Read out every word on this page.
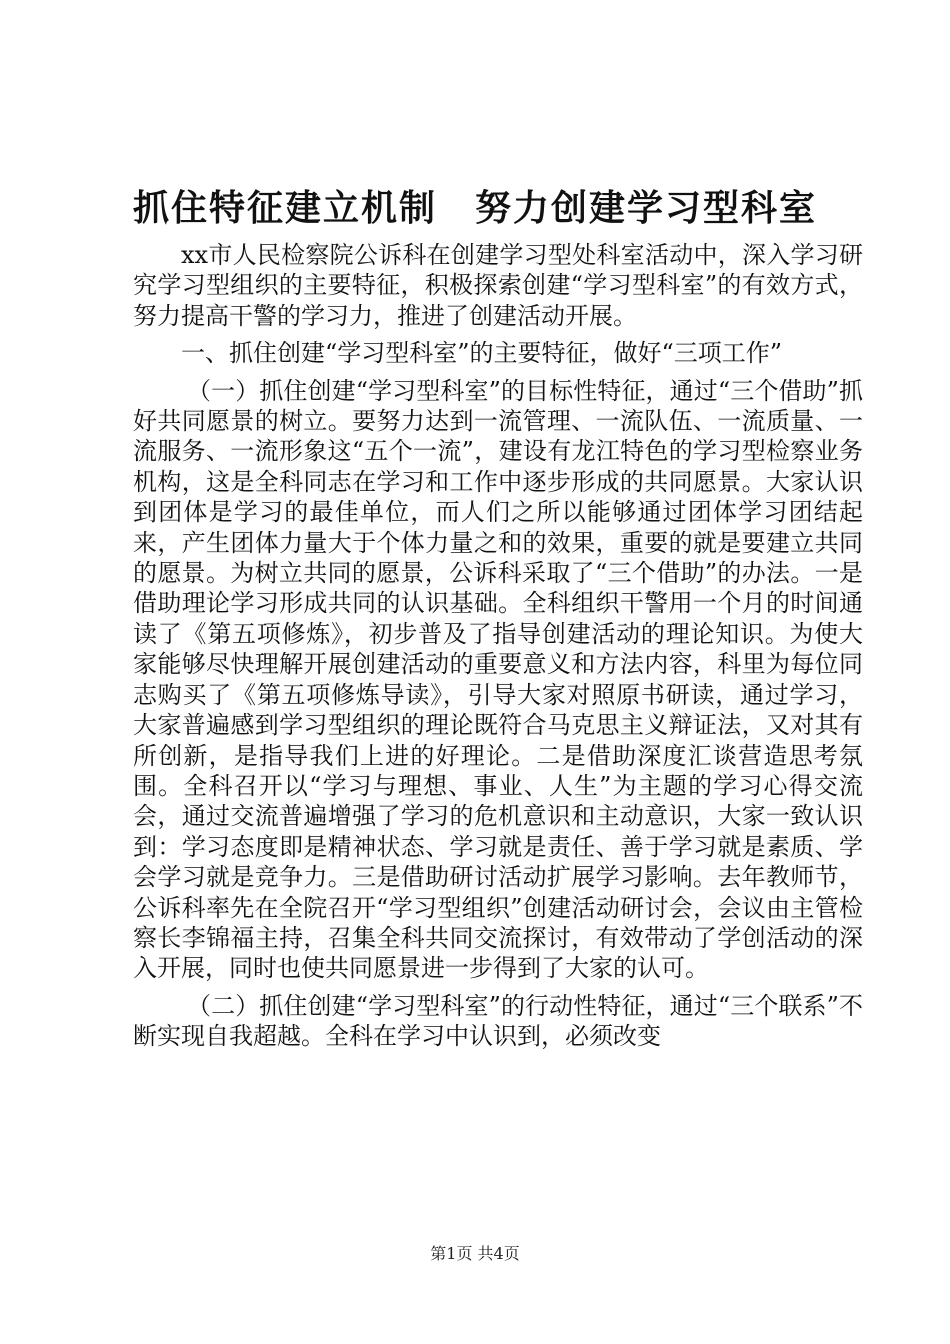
抓住特征建立机制　努力创建学习型科室

xx市人民检察院公诉科在创建学习型处科室活动中，深入学习研究学习型组织的主要特征，积极探索创建“学习型科室”的有效方式，努力提高干警的学习力，推进了创建活动开展。

一、抓住创建“学习型科室”的主要特征，做好“三项工作”

（一）抓住创建“学习型科室”的目标性特征，通过“三个借助”抓好共同愿景的树立。要努力达到一流管理、一流队伍、一流质量、一流服务、一流形象这“五个一流”，建设有龙江特色的学习型检察业务机构，这是全科同志在学习和工作中逐步形成的共同愿景。大家认识到团体是学习的最佳单位，而人们之所以能够通过团体学习团结起来，产生团体力量大于个体力量之和的效果，重要的就是要建立共同的愿景。为树立共同的愿景，公诉科采取了“三个借助”的办法。一是借助理论学习形成共同的认识基础。全科组织干警用一个月的时间通读了《第五项修炼》，初步普及了指导创建活动的理论知识。为使大家能够尽快理解开展创建活动的重要意义和方法内容，科里为每位同志购买了《第五项修炼导读》，引导大家对照原书研读，通过学习，大家普遍感到学习型组织的理论既符合马克思主义辩证法，又对其有所创新，是指导我们上进的好理论。二是借助深度汇谈营造思考氛围。全科召开以“学习与理想、事业、人生”为主题的学习心得交流会，通过交流普遍增强了学习的危机意识和主动意识，大家一致认识到：学习态度即是精神状态、学习就是责任、善于学习就是素质、学会学习就是竞争力。三是借助研讨活动扩展学习影响。去年教师节，公诉科率先在全院召开“学习型组织”创建活动研讨会，会议由主管检察长李锦福主持，召集全科共同交流探讨，有效带动了学创活动的深入开展，同时也使共同愿景进一步得到了大家的认可。

（二）抓住创建“学习型科室”的行动性特征，通过“三个联系”不断实现自我超越。全科在学习中认识到，必须改变

第1页 共4页
